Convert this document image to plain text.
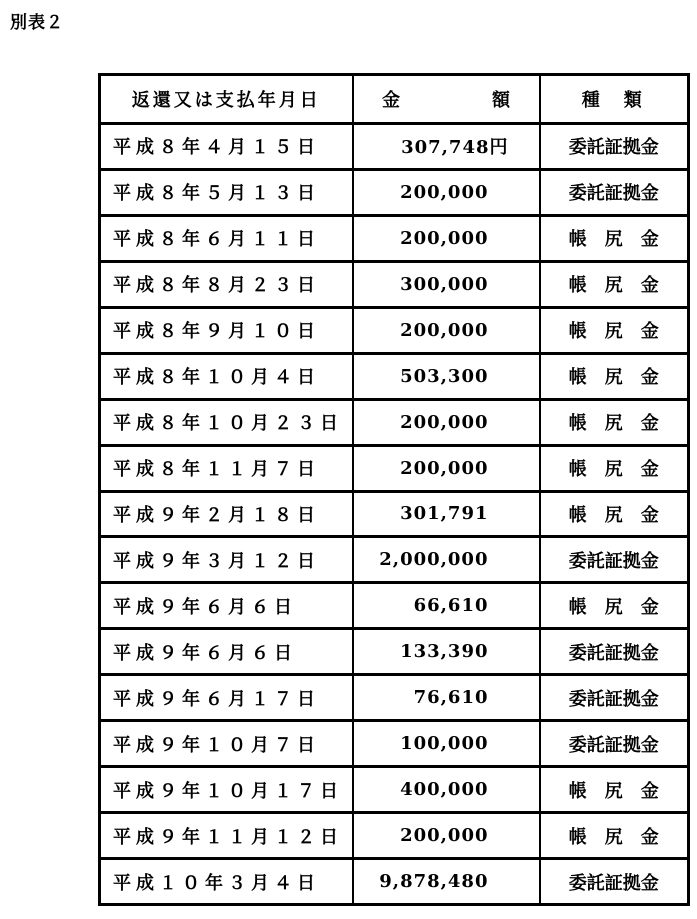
別表２
返還又は支払年月日	金 額	種類
平成８年４月１５日	307,748円	委託証拠金
平成８年５月１３日	200,000	委託証拠金
平成８年６月１１日	200,000	帳尻金
平成８年８月２３日	300,000	帳尻金
平成８年９月１０日	200,000	帳尻金
平成８年１０月４日	503,300	帳尻金
平成８年１０月２３日	200,000	帳尻金
平成８年１１月７日	200,000	帳尻金
平成９年２月１８日	301,791	帳尻金
平成９年３月１２日	2,000,000	委託証拠金
平成９年６月６日	66,610	帳尻金
平成９年６月６日	133,390	委託証拠金
平成９年６月１７日	76,610	委託証拠金
平成９年１０月７日	100,000	委託証拠金
平成９年１０月１７日	400,000	帳尻金
平成９年１１月１２日	200,000	帳尻金
平成１０年３月４日	9,878,480	委託証拠金
